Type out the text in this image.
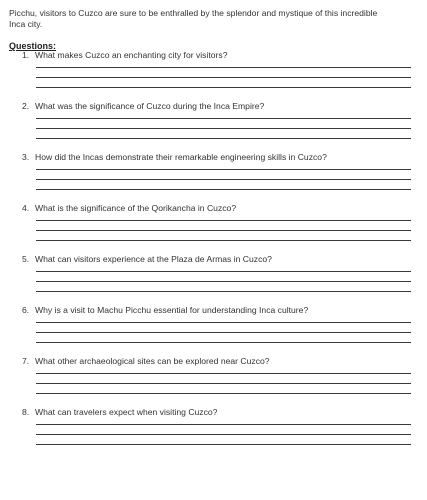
Picchu, visitors to Cuzco are sure to be enthralled by the splendor and mystique of this incredible Inca city.
Questions:
1. What makes Cuzco an enchanting city for visitors?
2. What was the significance of Cuzco during the Inca Empire?
3. How did the Incas demonstrate their remarkable engineering skills in Cuzco?
4. What is the significance of the Qorikancha in Cuzco?
5. What can visitors experience at the Plaza de Armas in Cuzco?
6. Why is a visit to Machu Picchu essential for understanding Inca culture?
7. What other archaeological sites can be explored near Cuzco?
8. What can travelers expect when visiting Cuzco?
